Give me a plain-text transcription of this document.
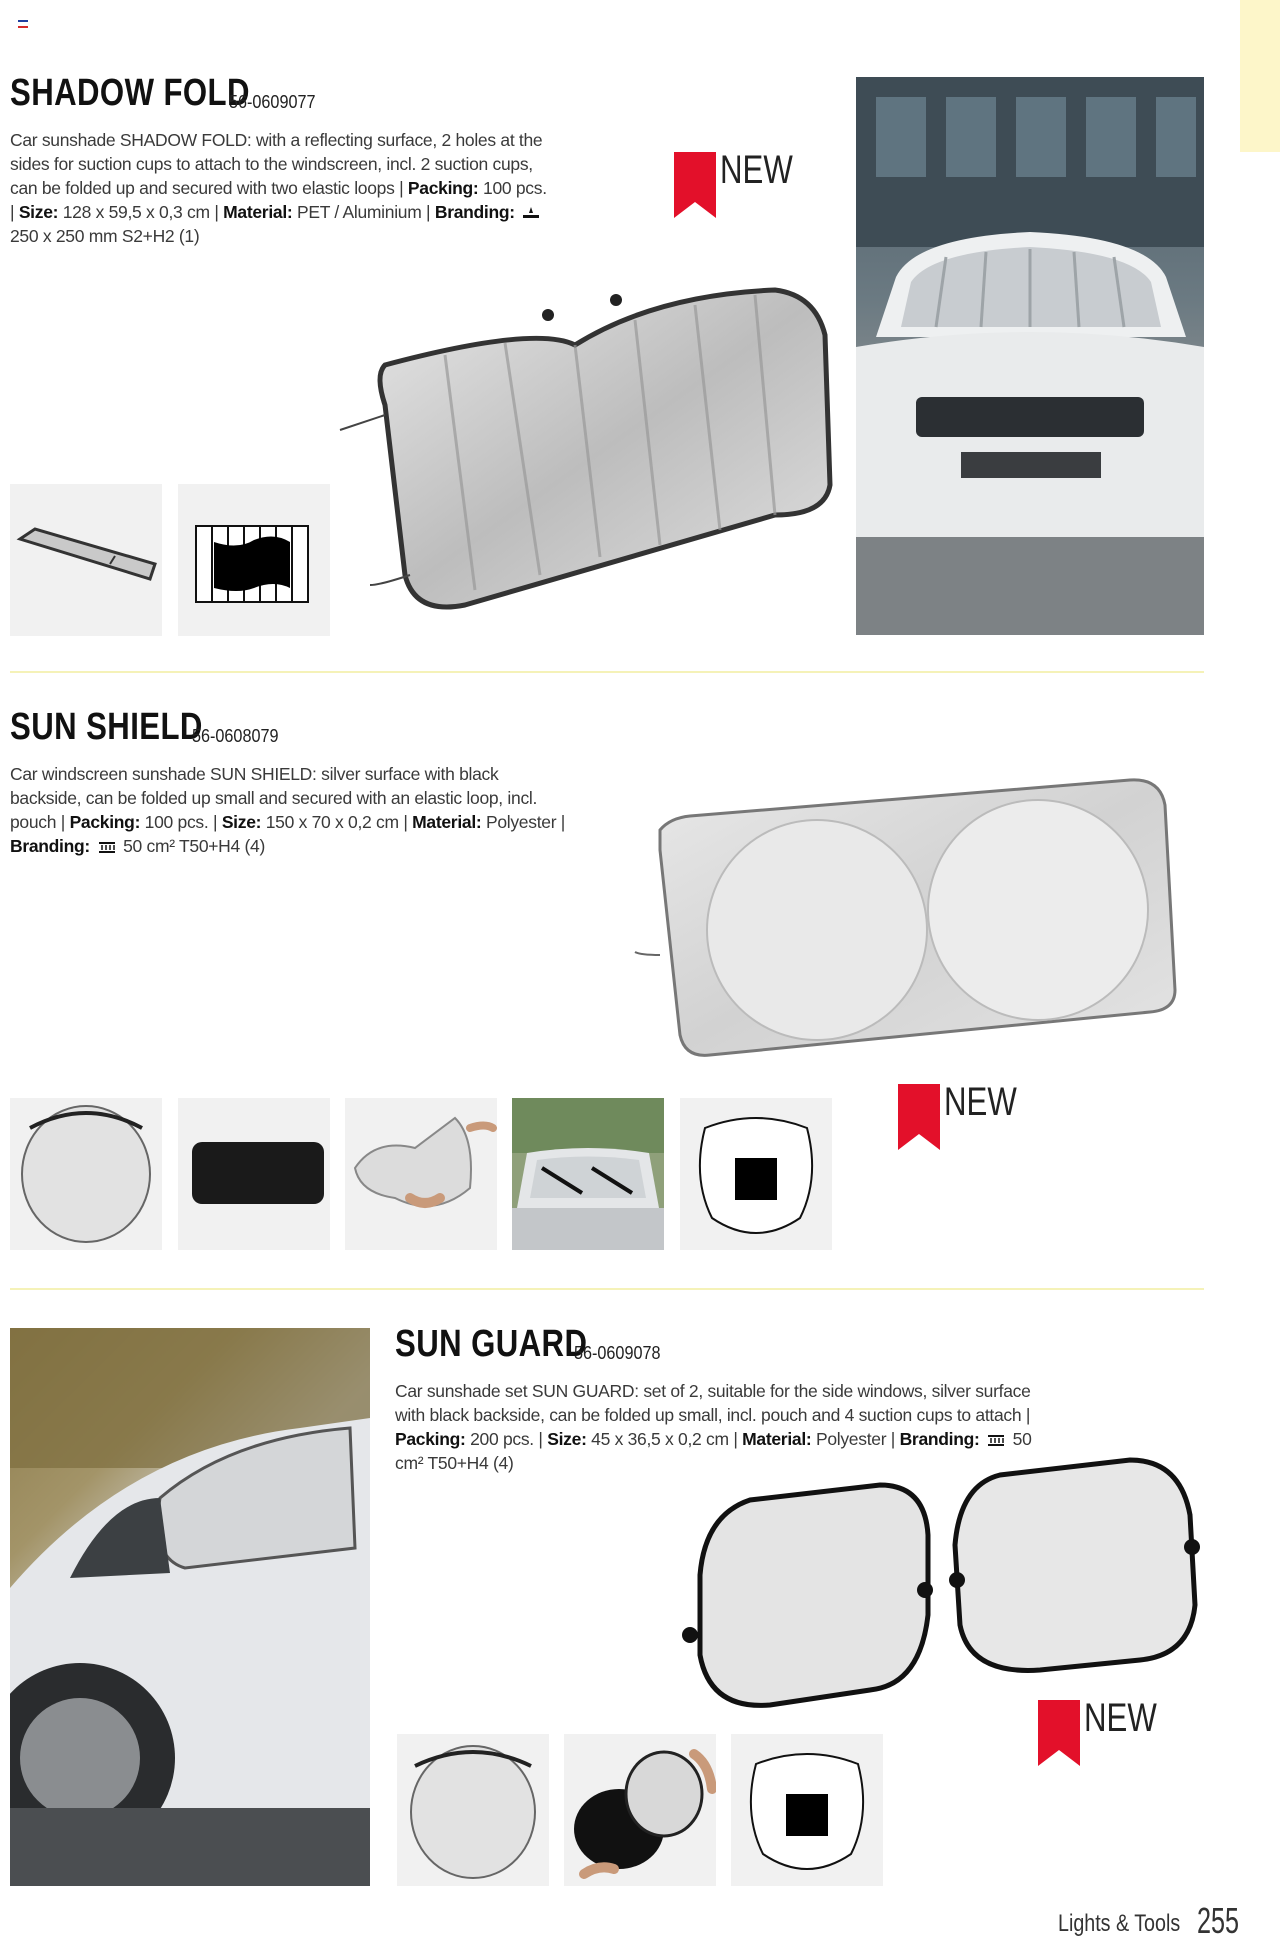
SHADOW FOLD
56-0609077
Car sunshade SHADOW FOLD: with a reflecting surface, 2 holes at the sides for suction cups to attach to the windscreen, incl. 2 suction cups, can be folded up and secured with two elastic loops | Packing: 100 pcs. | Size: 128 x 59,5 x 0,3 cm | Material: PET / Aluminium | Branding:  250 x 250 mm S2+H2 (1)
NEW
SUN SHIELD
56-0608079
Car windscreen sunshade SUN SHIELD: silver surface with black backside, can be folded up small and secured with an elastic loop, incl. pouch | Packing: 100 pcs. | Size: 150 x 70 x 0,2 cm | Material: Polyester | Branding: 50 cm² T50+H4 (4)
NEW
SUN GUARD
56-0609078
Car sunshade set SUN GUARD: set of 2, suitable for the side windows, silver surface with black backside, can be folded up small, incl. pouch and 4 suction cups to attach | Packing: 200 pcs. | Size: 45 x 36,5 x 0,2 cm | Material: Polyester | Branding: 50 cm² T50+H4 (4)
NEW
Lights & Tools 255
